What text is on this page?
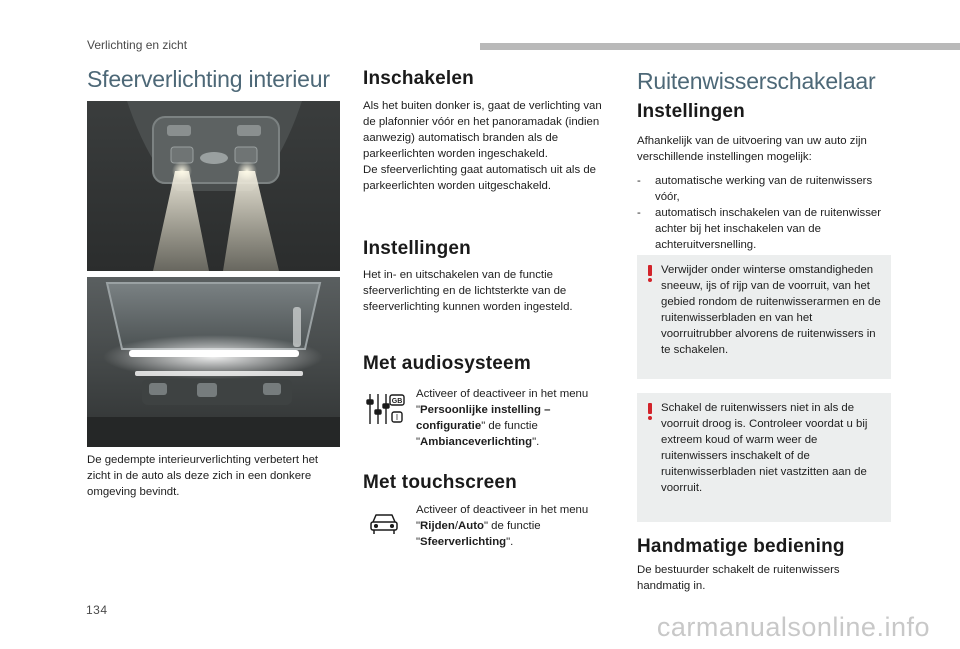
Verlichting en zicht
Sfeerverlichting interieur

De gedempte interieurverlichting verbetert het zicht in de auto als deze zich in een donkere omgeving bevindt.

Inschakelen

Als het buiten donker is, gaat de verlichting van de plafonnier vóór en het panoramadak (indien aanwezig) automatisch branden als de parkeerlichten worden ingeschakeld.

De sfeerverlichting gaat automatisch uit als de parkeerlichten worden uitgeschakeld.

Instellingen

Het in- en uitschakelen van de functie sfeerverlichting en de lichtsterkte van de sfeerverlichting kunnen worden ingesteld.

Met audiosysteem
GB
I

Activeer of deactiveer in het menu "Persoonlijke instelling – configuratie" de functie "Ambianceverlichting".

Met touchscreen

Activeer of deactiveer in het menu "Rijden/Auto" de functie "Sfeerverlichting".

Ruitenwisserschakelaar
Instellingen

Afhankelijk van de uitvoering van uw auto zijn verschillende instellingen mogelijk:

- automatische werking van de ruitenwissers vóór,
- automatisch inschakelen van de ruitenwisser achter bij het inschakelen van de achteruitversnelling.

Verwijder onder winterse omstandigheden sneeuw, ijs of rijp van de voorruit, van het gebied rondom de ruitenwisserarmen en de ruitenwisserbladen en van het voorruitrubber alvorens de ruitenwissers in te schakelen.

Schakel de ruitenwissers niet in als de voorruit droog is. Controleer voordat u bij extreem koud of warm weer de ruitenwissers inschakelt of de ruitenwisserbladen niet vastzitten aan de voorruit.

Handmatige bediening

De bestuurder schakelt de ruitenwissers handmatig in.

134
carmanualsonline.info
